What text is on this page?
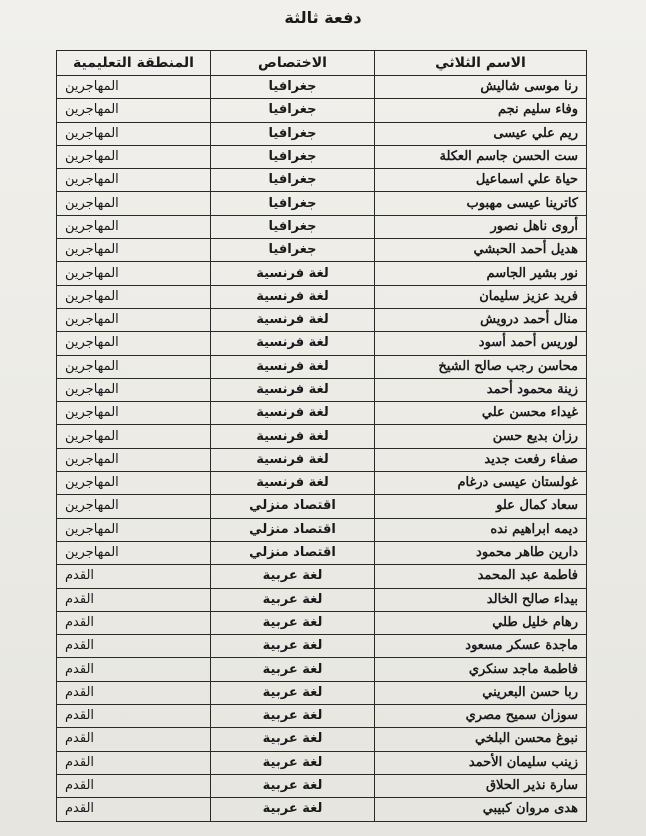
دفعة ثالثة
الاسم الثلاثي	الاختصاص	المنطقة التعليمية
رنا موسى شاليش	جغرافيا	المهاجرين
وفاء سليم نجم	جغرافيا	المهاجرين
ريم علي عيسى	جغرافيا	المهاجرين
ست الحسن جاسم العكلة	جغرافيا	المهاجرين
حياة علي اسماعيل	جغرافيا	المهاجرين
كاترينا عيسى مهبوب	جغرافيا	المهاجرين
أروى ناهل نصور	جغرافيا	المهاجرين
هديل أحمد الحبشي	جغرافيا	المهاجرين
نور بشير الجاسم	لغة فرنسية	المهاجرين
فريد عزيز سليمان	لغة فرنسية	المهاجرين
منال أحمد درويش	لغة فرنسية	المهاجرين
لوريس أحمد أسود	لغة فرنسية	المهاجرين
محاسن رجب صالح الشيخ	لغة فرنسية	المهاجرين
زينة محمود أحمد	لغة فرنسية	المهاجرين
غيداء محسن علي	لغة فرنسية	المهاجرين
رزان بديع حسن	لغة فرنسية	المهاجرين
صفاء رفعت جديد	لغة فرنسية	المهاجرين
غولستان عيسى درغام	لغة فرنسية	المهاجرين
سعاد كمال علو	اقتصاد منزلي	المهاجرين
ديمه ابراهيم نده	اقتصاد منزلي	المهاجرين
دارين طاهر محمود	اقتصاد منزلي	المهاجرين
فاطمة عبد المحمد	لغة عربية	القدم
بيداء صالح الخالد	لغة عربية	القدم
رهام خليل طلي	لغة عربية	القدم
ماجدة عسكر مسعود	لغة عربية	القدم
فاطمة ماجد سنكري	لغة عربية	القدم
ربا حسن البعريني	لغة عربية	القدم
سوزان سميح مصري	لغة عربية	القدم
نبوغ محسن البلخي	لغة عربية	القدم
زينب سليمان الأحمد	لغة عربية	القدم
سارة نذير الحلاق	لغة عربية	القدم
هدى مروان كبيبي	لغة عربية	القدم
